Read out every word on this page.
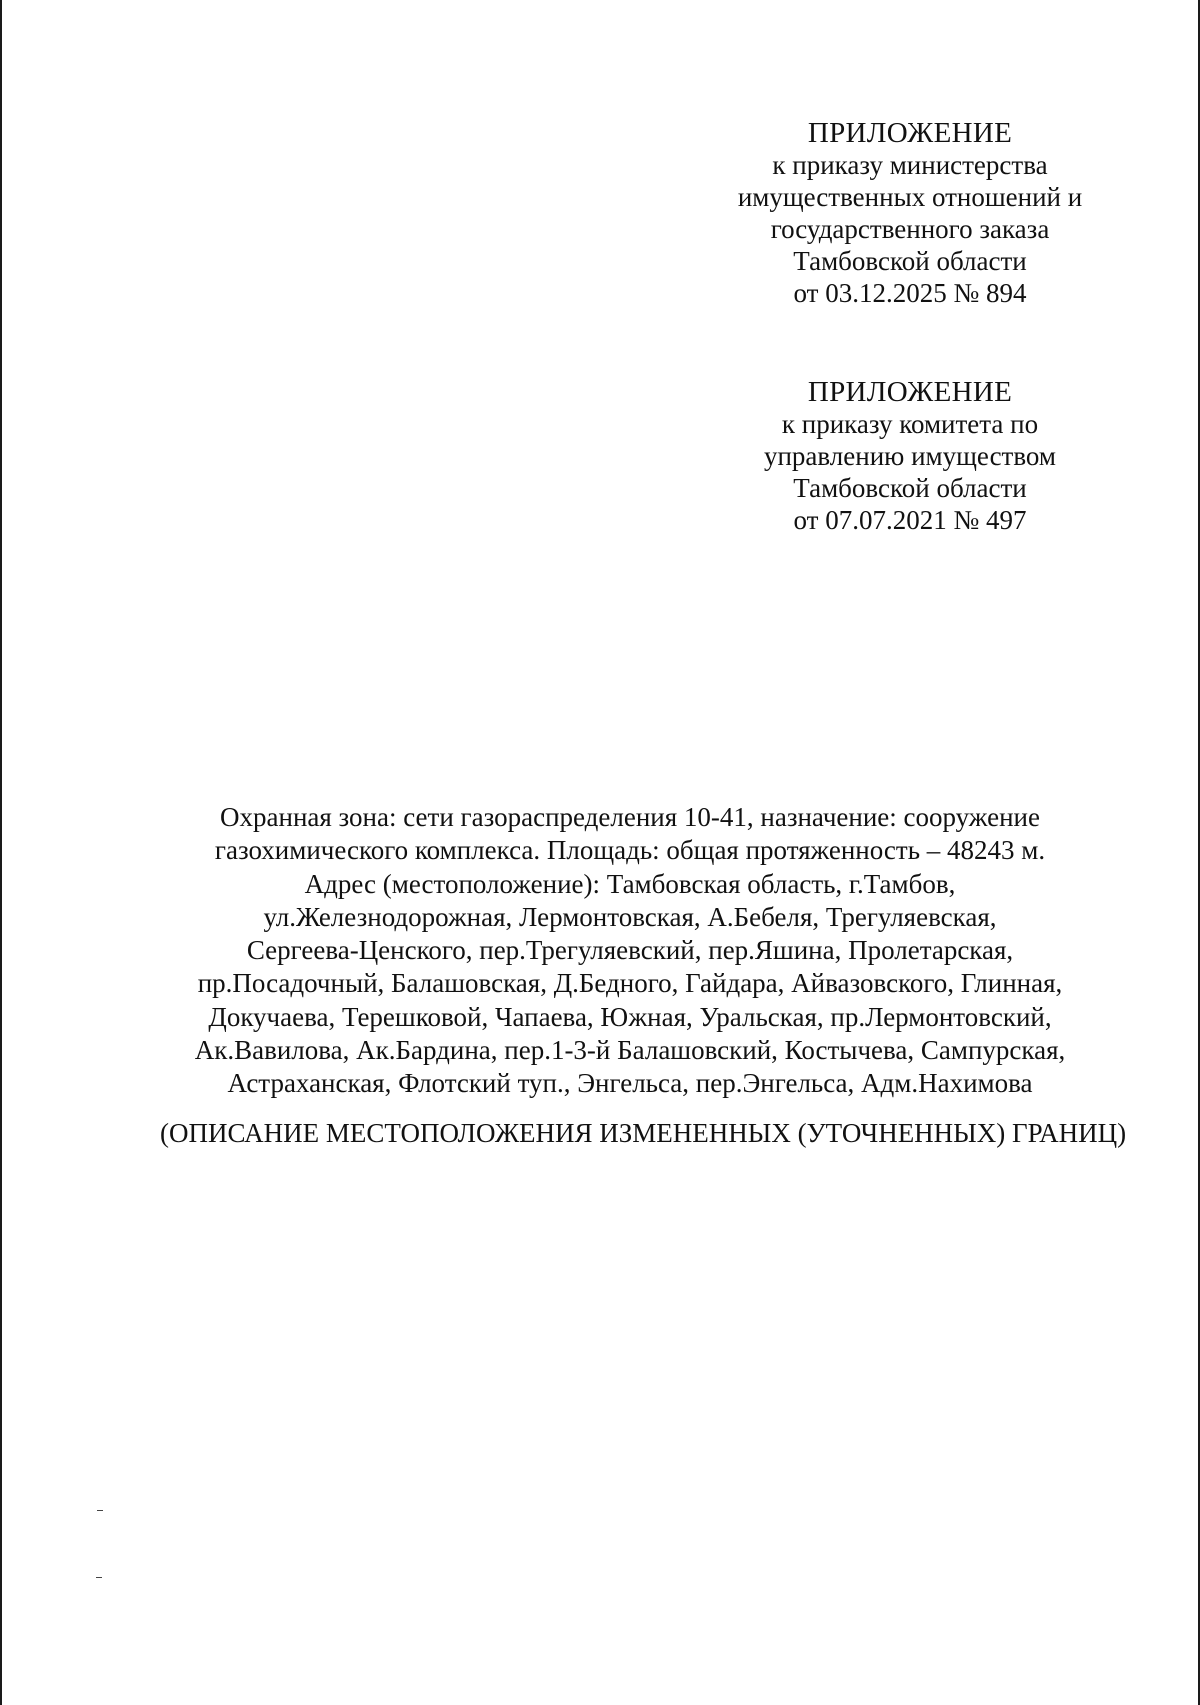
ПРИЛОЖЕНИЕ
к приказу министерства
имущественных отношений и
государственного заказа
Тамбовской области
от 03.12.2025 № 894
ПРИЛОЖЕНИЕ
к приказу комитета по
управлению имуществом
Тамбовской области
от 07.07.2021 № 497
Охранная зона: сети газораспределения 10-41, назначение: сооружение
газохимического комплекса. Площадь: общая протяженность – 48243 м.
Адрес (местоположение): Тамбовская область, г.Тамбов,
ул.Железнодорожная, Лермонтовская, А.Бебеля, Трегуляевская,
Сергеева-Ценского, пер.Трегуляевский, пер.Яшина, Пролетарская,
пр.Посадочный, Балашовская, Д.Бедного, Гайдара, Айвазовского, Глинная,
Докучаева, Терешковой, Чапаева, Южная, Уральская, пр.Лермонтовский,
Ак.Вавилова, Ак.Бардина, пер.1-3-й Балашовский, Костычева, Сампурская,
Астраханская, Флотский туп., Энгельса, пер.Энгельса, Адм.Нахимова
(ОПИСАНИЕ МЕСТОПОЛОЖЕНИЯ ИЗМЕНЕННЫХ (УТОЧНЕННЫХ) ГРАНИЦ)
